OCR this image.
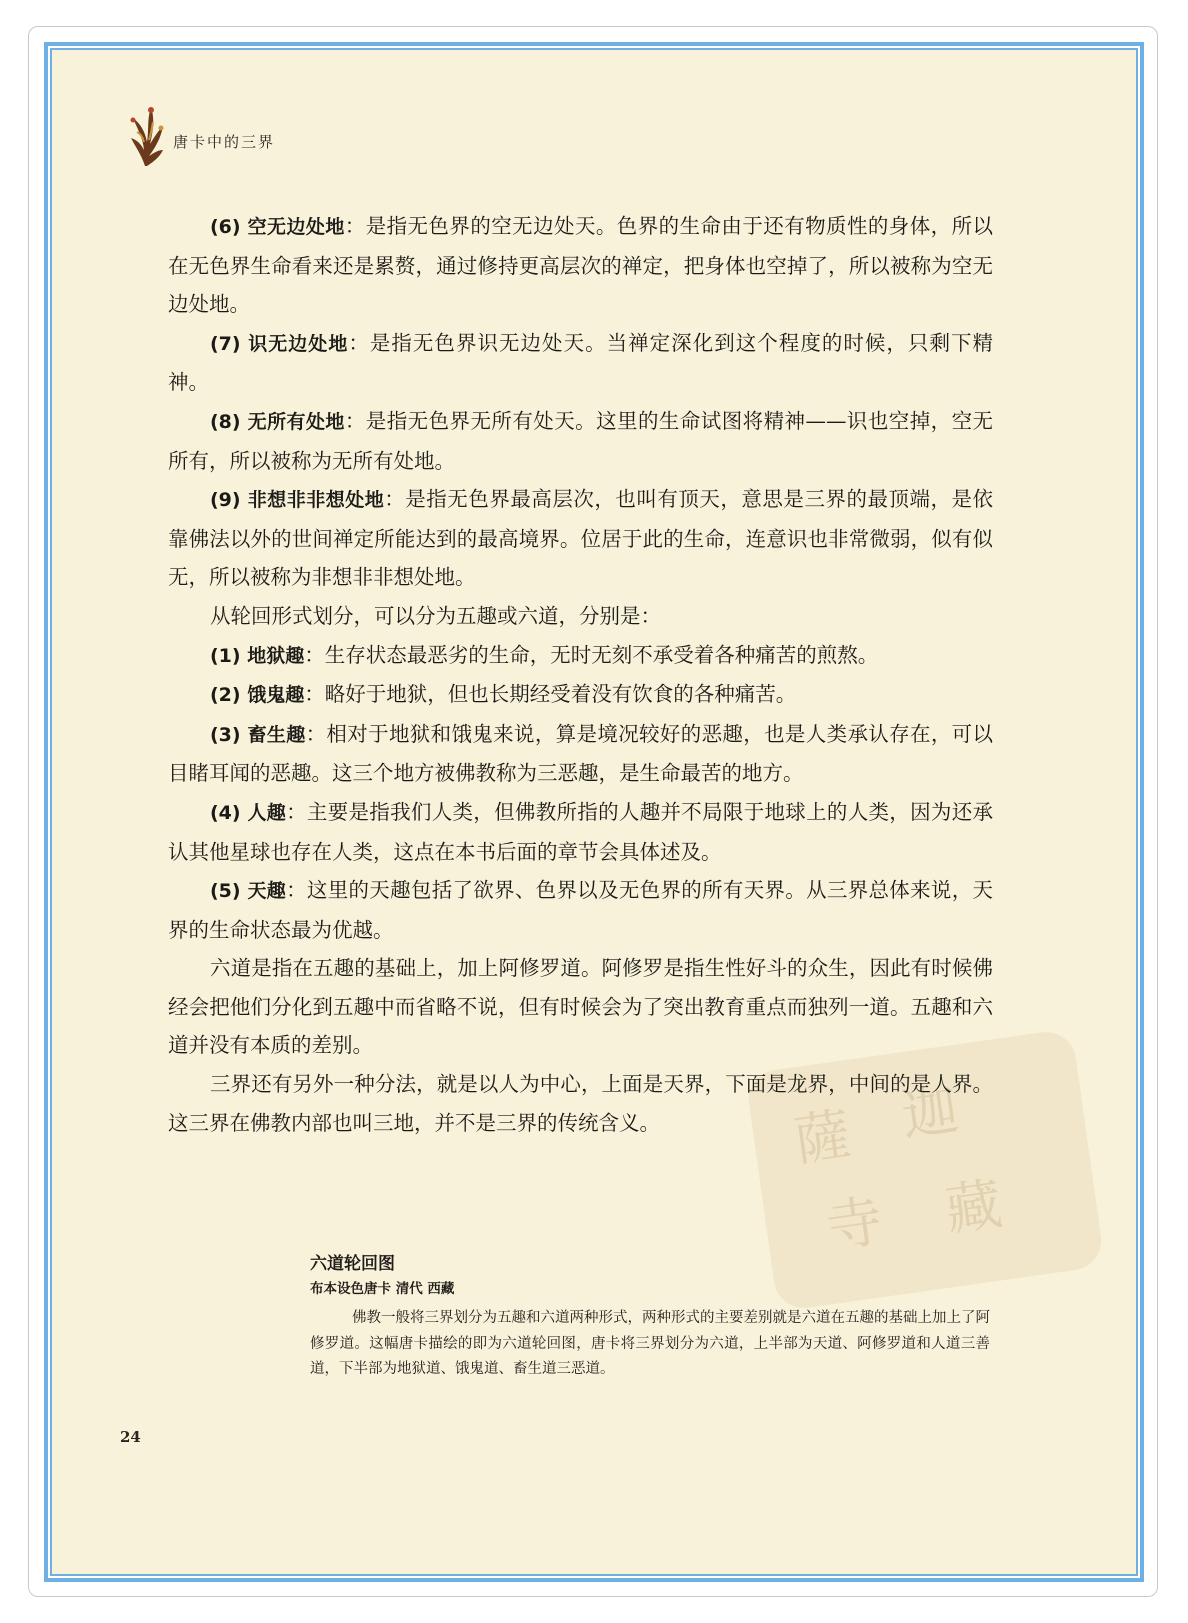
薩 迦
寺 藏
唐卡中的三界

(6) 空无边处地：是指无色界的空无边处天。色界的生命由于还有物质性的身体，所以在无色界生命看来还是累赘，通过修持更高层次的禅定，把身体也空掉了，所以被称为空无边处地。

(7) 识无边处地：是指无色界识无边处天。当禅定深化到这个程度的时候，只剩下精神。

(8) 无所有处地：是指无色界无所有处天。这里的生命试图将精神——识也空掉，空无所有，所以被称为无所有处地。

(9) 非想非非想处地：是指无色界最高层次，也叫有顶天，意思是三界的最顶端，是依靠佛法以外的世间禅定所能达到的最高境界。位居于此的生命，连意识也非常微弱，似有似无，所以被称为非想非非想处地。

从轮回形式划分，可以分为五趣或六道，分别是：

(1) 地狱趣：生存状态最恶劣的生命，无时无刻不承受着各种痛苦的煎熬。

(2) 饿鬼趣：略好于地狱，但也长期经受着没有饮食的各种痛苦。

(3) 畜生趣：相对于地狱和饿鬼来说，算是境况较好的恶趣，也是人类承认存在，可以目睹耳闻的恶趣。这三个地方被佛教称为三恶趣，是生命最苦的地方。

(4) 人趣：主要是指我们人类，但佛教所指的人趣并不局限于地球上的人类，因为还承认其他星球也存在人类，这点在本书后面的章节会具体述及。

(5) 天趣：这里的天趣包括了欲界、色界以及无色界的所有天界。从三界总体来说，天界的生命状态最为优越。

六道是指在五趣的基础上，加上阿修罗道。阿修罗是指生性好斗的众生，因此有时候佛经会把他们分化到五趣中而省略不说，但有时候会为了突出教育重点而独列一道。五趣和六道并没有本质的差别。

三界还有另外一种分法，就是以人为中心，上面是天界，下面是龙界，中间的是人界。这三界在佛教内部也叫三地，并不是三界的传统含义。

六道轮回图
布本设色唐卡 清代 西藏

佛教一般将三界划分为五趣和六道两种形式，两种形式的主要差别就是六道在五趣的基础上加上了阿修罗道。这幅唐卡描绘的即为六道轮回图，唐卡将三界划分为六道，上半部为天道、阿修罗道和人道三善道，下半部为地狱道、饿鬼道、畜生道三恶道。

24
